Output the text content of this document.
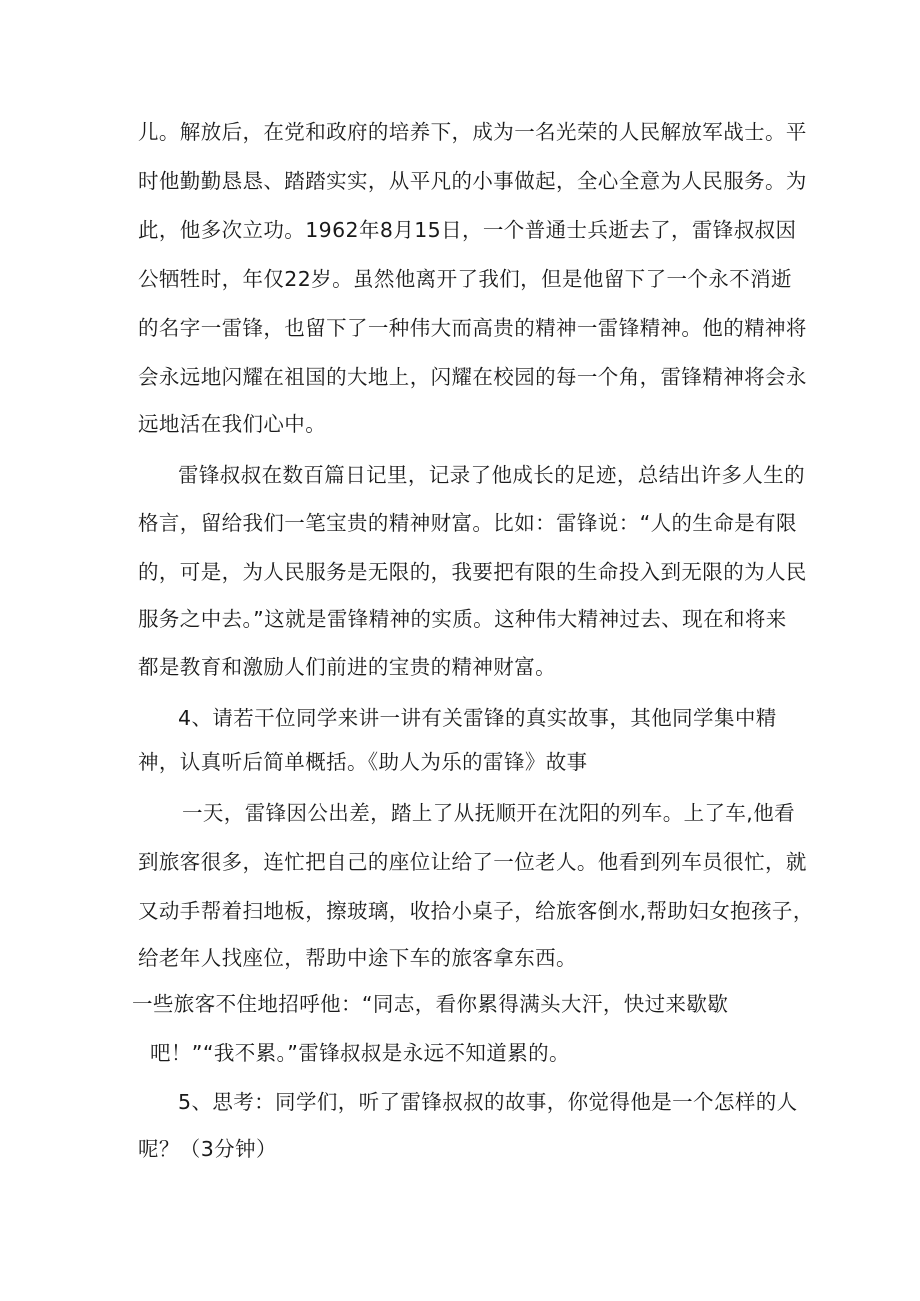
儿。解放后，在党和政府的培养下，成为一名光荣的人民解放军战士。平
时他勤勤恳恳、踏踏实实，从平凡的小事做起，全心全意为人民服务。为
此，他多次立功。1962年8月15日，一个普通士兵逝去了，雷锋叔叔因
公牺牲时，年仅22岁。虽然他离开了我们，但是他留下了一个永不消逝
的名字一雷锋，也留下了一种伟大而高贵的精神一雷锋精神。他的精神将
会永远地闪耀在祖国的大地上，闪耀在校园的每一个角，雷锋精神将会永
远地活在我们心中。
雷锋叔叔在数百篇日记里，记录了他成长的足迹，总结出许多人生的
格言，留给我们一笔宝贵的精神财富。比如：雷锋说：“人的生命是有限
的，可是，为人民服务是无限的，我要把有限的生命投入到无限的为人民
服务之中去。”这就是雷锋精神的实质。这种伟大精神过去、现在和将来
都是教育和激励人们前进的宝贵的精神财富。
4、请若干位同学来讲一讲有关雷锋的真实故事，其他同学集中精
神，认真听后简单概括。《助人为乐的雷锋》故事
一天，雷锋因公出差，踏上了从抚顺开在沈阳的列车。上了车,他看
到旅客很多，连忙把自己的座位让给了一位老人。他看到列车员很忙，就
又动手帮着扫地板，擦玻璃，收拾小桌子，给旅客倒水,帮助妇女抱孩子，
给老年人找座位，帮助中途下车的旅客拿东西。
一些旅客不住地招呼他：“同志，看你累得满头大汗，快过来歇歇
吧！”“我不累。”雷锋叔叔是永远不知道累的。
5、思考：同学们，听了雷锋叔叔的故事，你觉得他是一个怎样的人
呢？（3分钟）
